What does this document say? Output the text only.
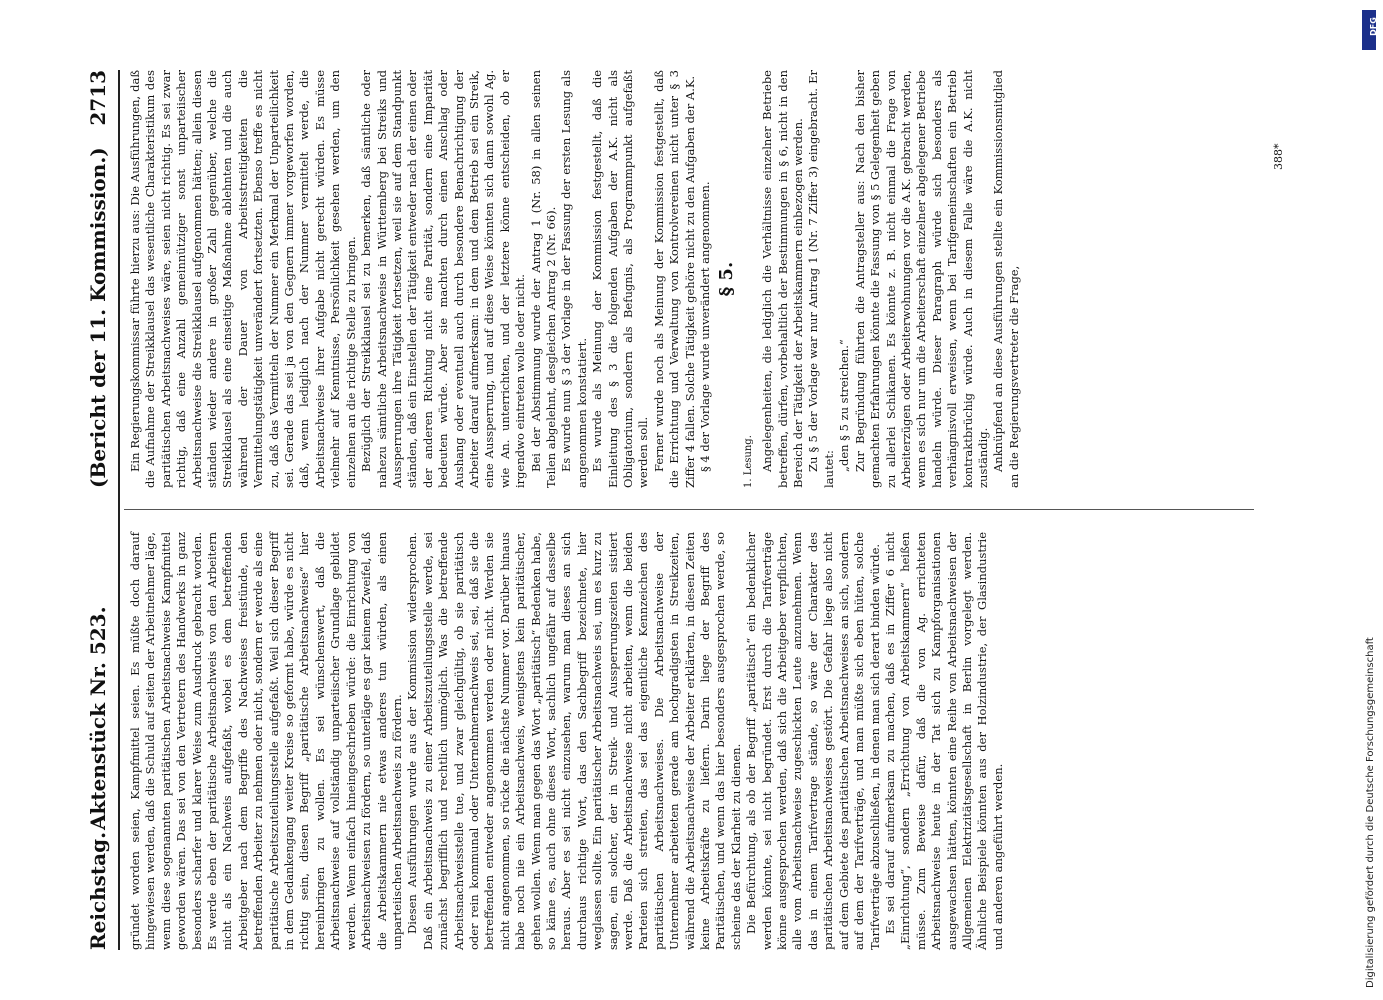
Reichstag.
Aktenstück Nr. 523.
(Bericht der 11. Kommission.)
2713

gründet worden seien, Kampfmittel seien. Es müßte doch darauf hingewiesen werden, daß die Schuld auf seiten der Arbeitnehmer läge, wenn diese sogenannten paritätischen Arbeitsnachweise Kampfmittel geworden wären. Das sei von den Vertretern des Handwerks in ganz besonders scharfer und klarer Weise zum Ausdruck gebracht worden. Es werde eben der paritätische Arbeitsnachweis von den Arbeitern nicht als ein Nachweis aufgefaßt, wobei es dem betreffenden Arbeitgeber nach dem Begriffe des Nachweises freistünde, den betreffenden Arbeiter zu nehmen oder nicht, sondern er werde als eine paritätische Arbeitszuteilungsstelle aufgefaßt. Weil sich dieser Begriff in dem Gedankengang weiter Kreise so geformt habe, würde es nicht richtig sein, diesen Begriff „paritätische Arbeitsnachweise“ hier hereinbringen zu wollen. Es sei wünschenswert, daß die Arbeitsnachweise auf vollständig unparteiischer Grundlage gebildet werden. Wenn einfach hineingeschrieben würde: die Einrichtung von Arbeitsnachweisen zu fördern, so unterläge es gar keinem Zweifel, daß die Arbeitskammern nie etwas anderes tun würden, als einen unparteiischen Arbeitsnachweis zu fördern. Diesen Ausführungen wurde aus der Kommission widersprochen. Daß ein Arbeitsnachweis zu einer Arbeitszuteilungsstelle werde, sei zunächst begrifflich und rechtlich unmöglich. Was die betreffende Arbeitsnachweisstelle tue, und zwar gleichgültig, ob sie paritätisch oder rein kommunal oder Unternehmernachweis sei, sei, daß sie die betreffenden entweder angenommen werden oder nicht. Werden sie nicht angenommen, so rücke die nächste Nummer vor. Darüber hinaus habe noch nie ein Arbeitsnachweis, wenigstens kein paritätischer, gehen wollen. Wenn man gegen das Wort „paritätisch“ Bedenken habe, so käme es, auch ohne dieses Wort, sachlich ungefähr auf dasselbe heraus. Aber es sei nicht einzusehen, warum man dieses an sich durchaus richtige Wort, das den Sachbegriff bezeichnete, hier weglassen sollte. Ein paritätischer Arbeitsnachweis sei, um es kurz zu sagen, ein solcher, der in Streik- und Aussperrungszeiten sistiert werde. Daß die Arbeitsnachweise nicht arbeiten, wenn die beiden Parteien sich streiten, das sei das eigentliche Kennzeichen des paritätischen Arbeitsnachweises. Die Arbeitsnachweise der Unternehmer arbeiteten gerade am hochgradigsten in Streikzeiten, während die Arbeitsnachweise der Arbeiter erklärten, in diesen Zeiten keine Arbeitskräfte zu liefern. Darin liege der Begriff des Paritätischen, und wenn das hier besonders ausgesprochen werde, so scheine das der Klarheit zu dienen. Die Befürchtung, als ob der Begriff „paritätisch“ ein bedenklicher werden könnte, sei nicht begründet. Erst durch die Tarifverträge könne ausgesprochen werden, daß sich die Arbeitgeber verpflichten, alle vom Arbeitsnachweise zugeschickten Leute anzunehmen. Wenn das in einem Tarifvertrage stände, so wäre der Charakter des paritätischen Arbeitsnachweises gestört. Die Gefahr liege also nicht auf dem Gebiete des paritätischen Arbeitsnachweises an sich, sondern auf dem der Tarifverträge, und man müßte sich eben hüten, solche Tarifverträge abzuschließen, in denen man sich derart binden würde. Es sei darauf aufmerksam zu machen, daß es in Ziffer 6 nicht „Einrichtung“, sondern „Errichtung von Arbeitskammern“ heißen müsse. Zum Beweise dafür, daß die von Ag. errichteten Arbeitsnachweise heute in der Tat sich zu Kampforganisationen ausgewachsen hätten, könnten eine Reihe von Arbeitsnachweisen der Allgemeinen Elektrizitätsgesellschaft in Berlin vorgelegt werden. Ähnliche Beispiele könnten aus der Holzindustrie, der Glasindustrie und anderen angeführt werden.

Ein Regierungskommissar führte hierzu aus: Die Ausführungen, daß die Aufnahme der Streikklausel das wesentliche Charakteristikum des paritätischen Arbeitsnachweises wäre, seien nicht richtig. Es sei zwar richtig, daß eine Anzahl gemeinnütziger sonst unparteiischer Arbeitsnachweise die Streikklausel aufgenommen hätten; allein diesen ständen wieder andere in großer Zahl gegenüber, welche die Streikklausel als eine einseitige Maßnahme ablehnten und die auch während der Dauer von Arbeitsstreitigkeiten die Vermittelungstätigkeit unverändert fortsetzten. Ebenso treffe es nicht zu, daß das Vermitteln der Nummer ein Merkmal der Unparteilichkeit sei. Gerade das sei ja von den Gegnern immer vorgeworfen worden, daß, wenn lediglich nach der Nummer vermittelt werde, die Arbeitsnachweise ihrer Aufgabe nicht gerecht würden. Es müsse vielmehr auf Kenntnisse, Persönlichkeit gesehen werden, um den einzelnen an die richtige Stelle zu bringen. Bezüglich der Streikklausel sei zu bemerken, daß sämtliche oder nahezu sämtliche Arbeitsnachweise in Württemberg bei Streiks und Aussperrungen ihre Tätigkeit fortsetzen, weil sie auf dem Standpunkt ständen, daß ein Einstellen der Tätigkeit entweder nach der einen oder der anderen Richtung nicht eine Parität, sondern eine Imparität bedeuten würde. Aber sie machten durch einen Anschlag oder Aushang oder eventuell auch durch besondere Benachrichtigung der Arbeiter darauf aufmerksam: in dem und dem Betrieb sei ein Streik, eine Aussperrung, und auf diese Weise könnten sich dann sowohl Ag. wie An. unterrichten, und der letztere könne entscheiden, ob er irgendwo eintreten wolle oder nicht. Bei der Abstimmung wurde der Antrag 1 (Nr. 58) in allen seinen Teilen abgelehnt, desgleichen Antrag 2 (Nr. 66). Es wurde nun § 3 der Vorlage in der Fassung der ersten Lesung als angenommen konstatiert. Es wurde als Meinung der Kommission festgestellt, daß die Einleitung des § 3 die folgenden Aufgaben der A.K. nicht als Obligatorium, sondern als Befugnis, als Programmpunkt aufgefaßt werden soll. Ferner wurde noch als Meinung der Kommission festgestellt, daß die Errichtung und Verwaltung von Kontrolvereinen nicht unter § 3 Ziffer 4 fallen. Solche Tätigkeit gehöre nicht zu den Aufgaben der A.K. § 4 der Vorlage wurde unverändert angenommen. § 5.
1. Lesung. Angelegenheiten, die lediglich die Verhältnisse einzelner Betriebe betreffen, dürfen, vorbehaltlich der Bestimmungen in § 6, nicht in den Bereich der Tätigkeit der Arbeitskammern einbezogen werden. Zu § 5 der Vorlage war nur Antrag 1 (Nr. 7 Ziffer 3) eingebracht. Er lautet: „den § 5 zu streichen.“ Zur Begründung führten die Antragsteller aus: Nach den bisher gemachten Erfahrungen könnte die Fassung von § 5 Gelegenheit geben zu allerlei Schikanen. Es könnte z. B. nicht einmal die Frage von Arbeiterzügen oder Arbeiterwohnungen vor die A.K. gebracht werden, wenn es sich nur um die Arbeiterschaft einzelner abgelegener Betriebe handeln würde. Dieser Paragraph würde sich besonders als verhängnisvoll erweisen, wenn bei Tarifgemeinschaften ein Betrieb kontraktbrüchig würde. Auch in diesem Falle wäre die A.K. nicht zuständig. Anknüpfend an diese Ausführungen stellte ein Kommissionsmitglied an die Regierungsvertreter die Frage,

388*
DFG
Digitalisierung gefördert durch die Deutsche Forschungsgemeinschaft
